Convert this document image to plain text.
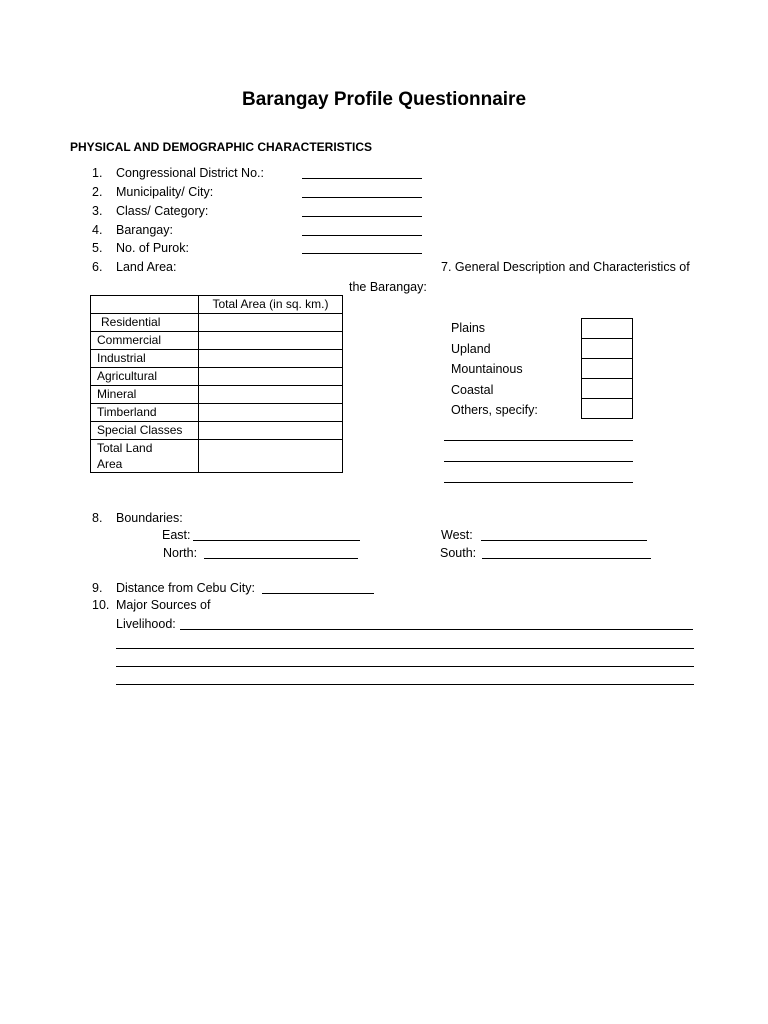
Barangay Profile Questionnaire
PHYSICAL AND DEMOGRAPHIC CHARACTERISTICS
1. Congressional District No.:
2. Municipality/ City:
3. Class/ Category:
4. Barangay:
5. No. of Purok:
6. Land Area:	7. General Description and Characteristics of
the Barangay:
	Total Area (in sq. km.)
Residential	
Commercial	
Industrial	
Agricultural	
Mineral	
Timberland	
Special Classes	
Total Land
Area	
Plains
Upland
Mountainous
Coastal
Others, specify:

8. Boundaries:
East:
North:
West:
South:
9. Distance from Cebu City:
10. Major Sources of
Livelihood:
